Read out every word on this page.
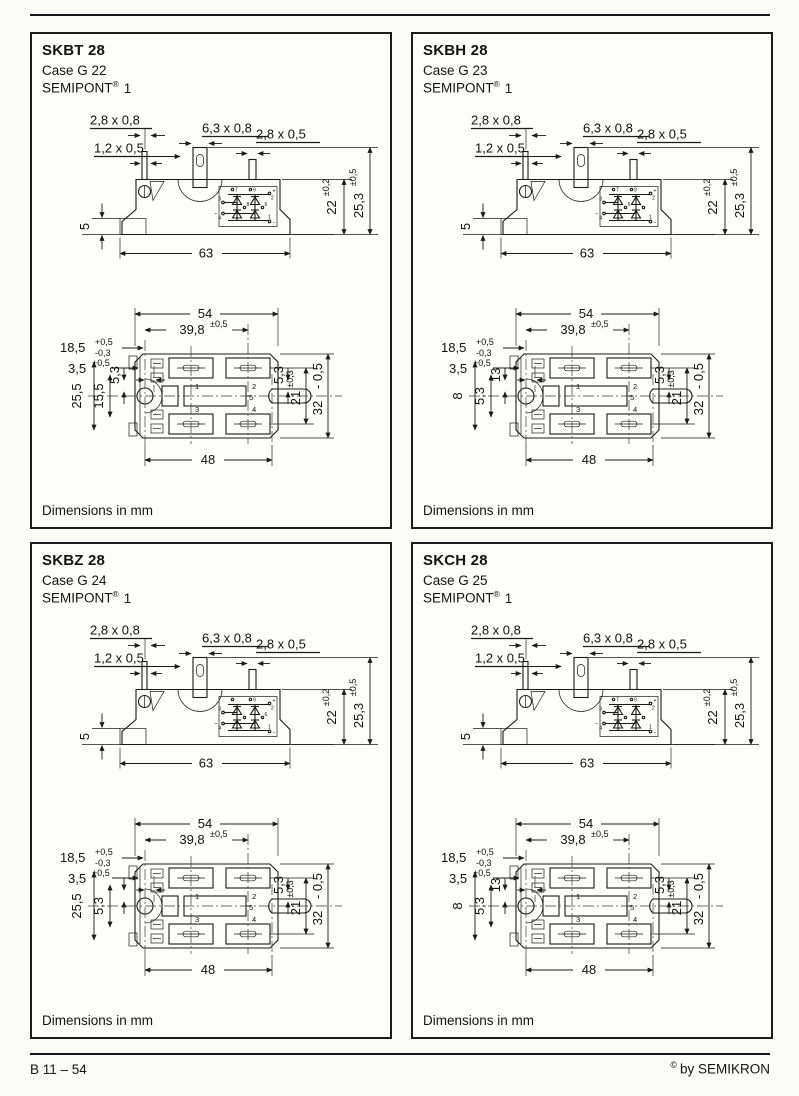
SKBT 28
Case G 22
SEMIPONT® 1
7	9	+
2
3
~
4
8	6
1
−
2,8 x 0,8
1,2 x 0,5
6,3 x 0,8 2,8 x 0,5
22
±0,2
25,3
±0,5
5
63
54
39,8 ±0,5
18,5 +0,5
-0,3
3,5 +0,5
25,5 15,5
5,3	5,3
21
±0,3
32
- 0,5
48
1	2
3	4
5
Dimensions in mm
SKBH 28
Case G 23
SEMIPONT® 1
7	9	+
2
3
~
4
6
1
−
2,8 x 0,8
1,2 x 0,5
6,3 x 0,8 2,8 x 0,5
22
±0,2
25,3
±0,5
5
63
54
39,8 ±0,5
18,5 +0,5
-0,3
3,5 +0,5
8 5,3
13	5,3
21
±0,3
32
- 0,5
48
1	2
3	4
5
Dimensions in mm
SKBZ 28
Case G 24
SEMIPONT® 1
9	+
2
3
~
4
6
1
−
2,8 x 0,8
1,2 x 0,5
6,3 x 0,8 2,8 x 0,5
22
±0,2
25,3
±0,5
5
63
54
39,8 ±0,5
18,5 +0,5
-0,3
3,5 +0,5
25,5 5,3
5,3
21
±0,3
32
- 0,5
48
1	2
3	4
5
Dimensions in mm
SKCH 28
Case G 25
SEMIPONT® 1
7	9	+
2
3
~
4	1
−
2,8 x 0,8
1,2 x 0,5
6,3 x 0,8 2,8 x 0,5
22
±0,2
25,3
±0,5
5
63
54
39,8 ±0,5
18,5 +0,5
-0,3
3,5 +0,5
8 5,3
13	5,3
21
±0,3
32
- 0,5
48
1	2
3	4
5
Dimensions in mm
B 11 – 54	© by SEMIKRON
